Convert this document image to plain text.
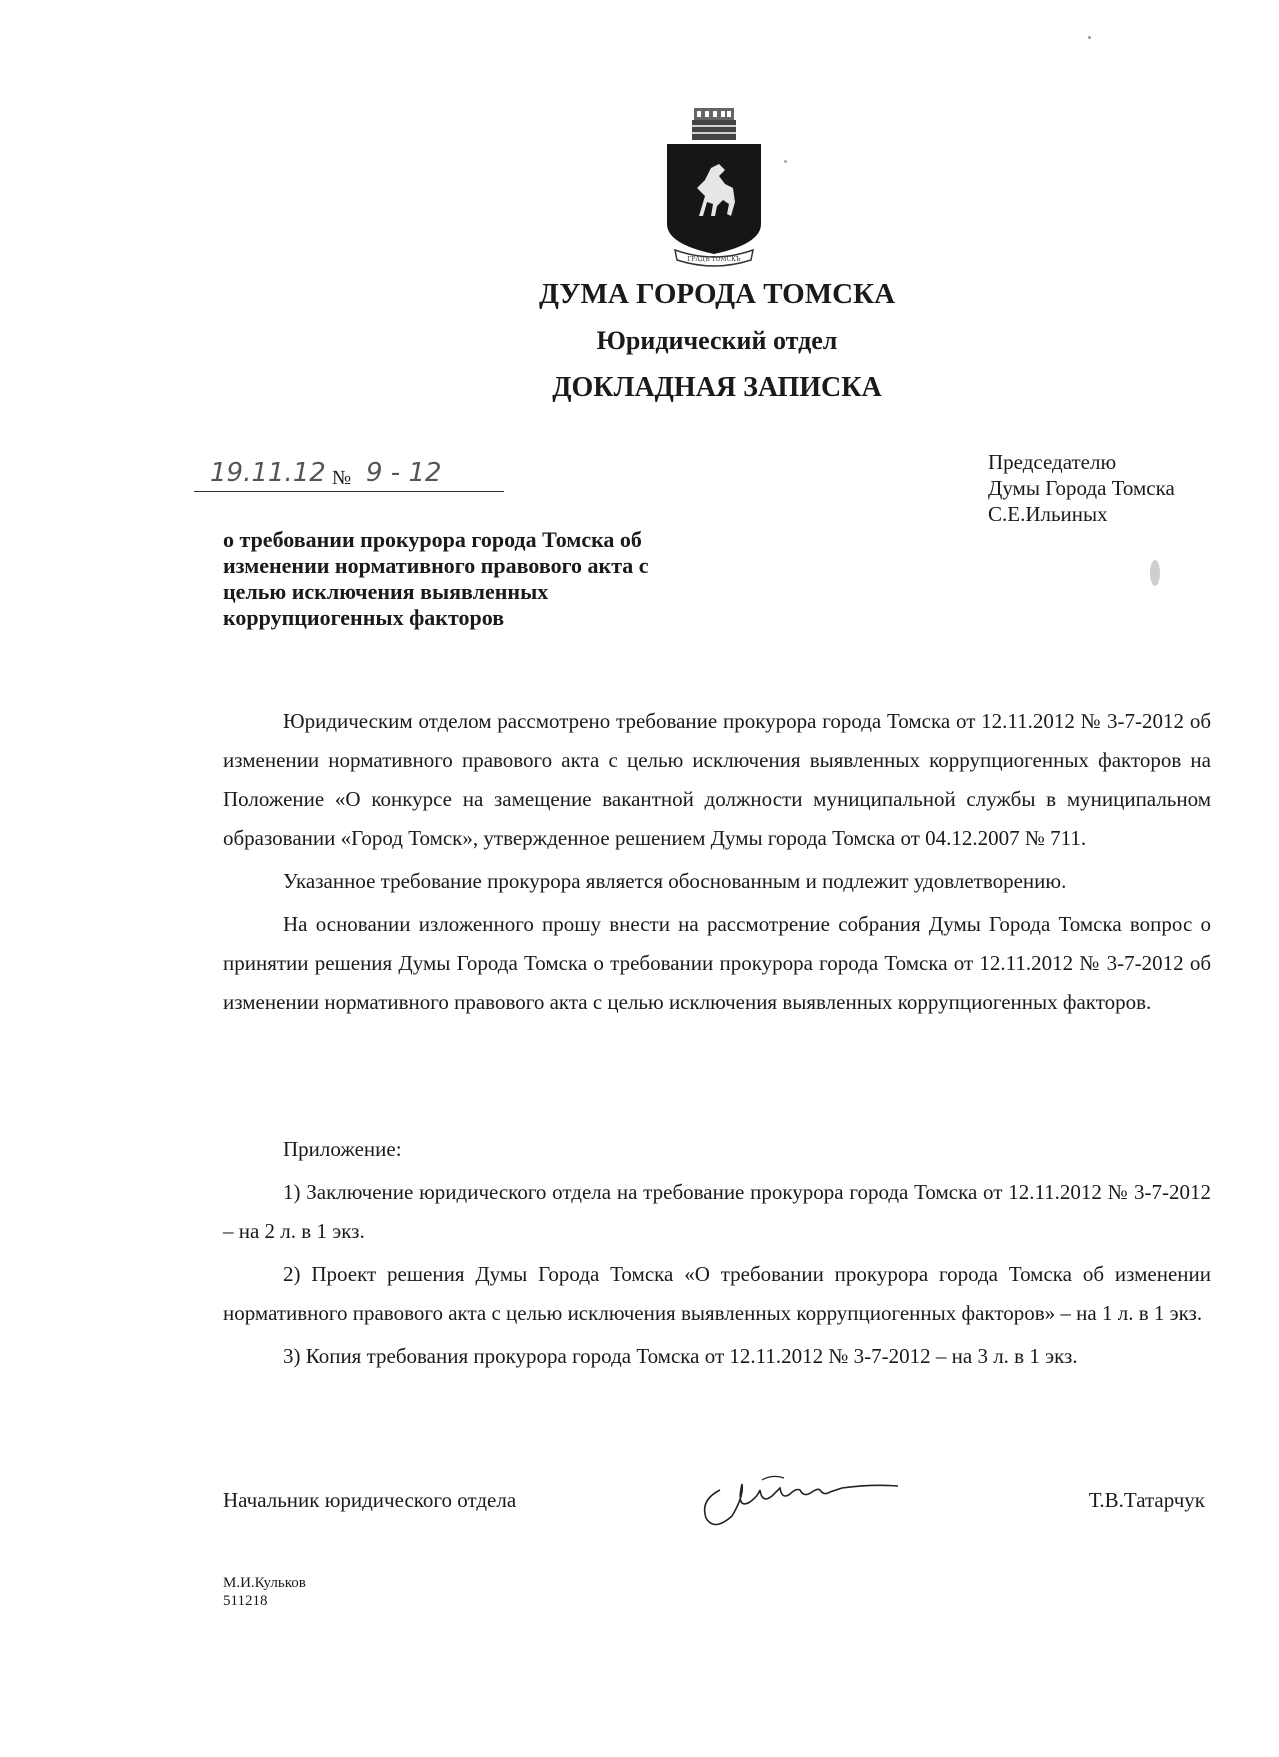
ГРАДЪ ТОМСКЪ
ДУМА ГОРОДА ТОМСКА
Юридический отдел
ДОКЛАДНАЯ ЗАПИСКА
19.11.12 № 9 - 12	Председателю
Думы Города Томска
С.Е.Ильиных
о требовании прокурора города Томска об изменении нормативного правового акта с целью исключения выявленных коррупциогенных факторов

Юридическим отделом рассмотрено требование прокурора города Томска от 12.11.2012 № 3-7-2012 об изменении нормативного правового акта с целью исключения выявленных коррупциогенных факторов на Положение «О конкурсе на замещение вакантной должности муниципальной службы в муниципальном образовании «Город Томск», утвержденное решением Думы города Томска от 04.12.2007 № 711.

Указанное требование прокурора является обоснованным и подлежит удовлетворению.

На основании изложенного прошу внести на рассмотрение собрания Думы Города Томска вопрос о принятии решения Думы Города Томска о требовании прокурора города Томска от 12.11.2012 № 3-7-2012 об изменении нормативного правового акта с целью исключения выявленных коррупциогенных факторов.

Приложение:

1) Заключение юридического отдела на требование прокурора города Томска от 12.11.2012 № 3-7-2012 – на 2 л. в 1 экз.

2) Проект решения Думы Города Томска «О требовании прокурора города Томска об изменении нормативного правового акта с целью исключения выявленных коррупциогенных факторов» – на 1 л. в 1 экз.

3) Копия требования прокурора города Томска от 12.11.2012 № 3-7-2012 – на 3 л. в 1 экз.

Начальник юридического отдела	Т.В.Татарчук
М.И.Кульков
511218
